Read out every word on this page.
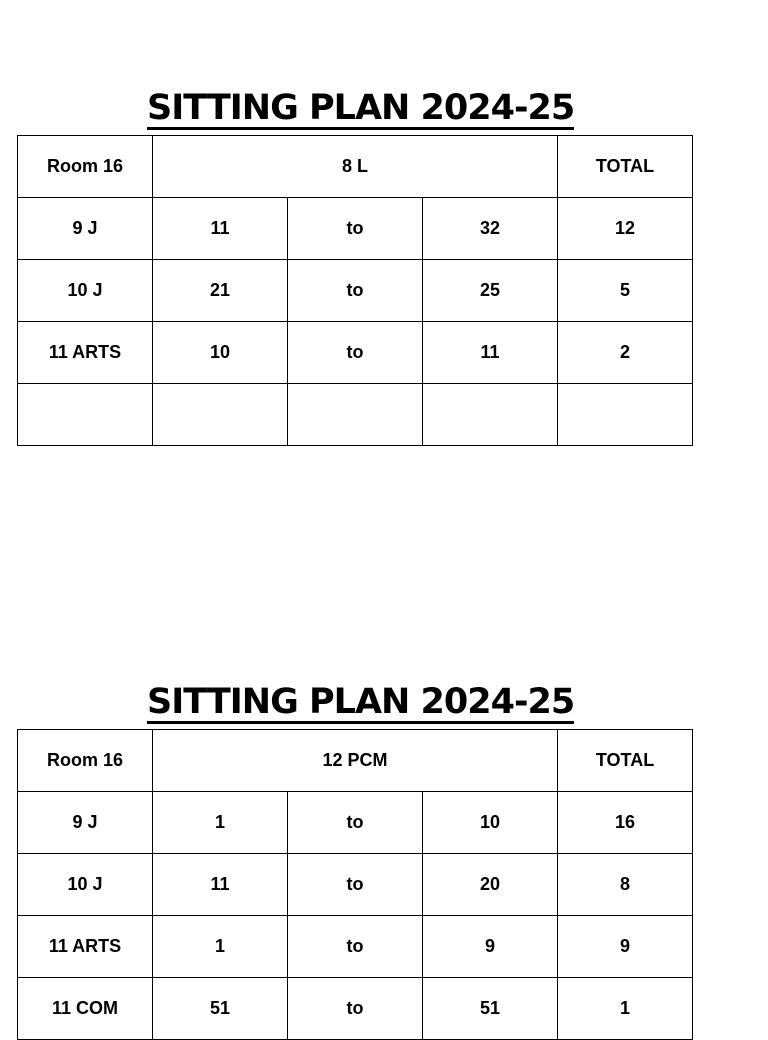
SITTING PLAN 2024-25
Room 16	8 L			TOTAL
9 J	11	to	32	12
10 J	21	to	25	5
11 ARTS	10	to	11	2

SITTING PLAN 2024-25
Room 16	12 PCM			TOTAL
9 J	1	to	10	16
10 J	11	to	20	8
11 ARTS	1	to	9	9
11 COM	51	to	51	1
